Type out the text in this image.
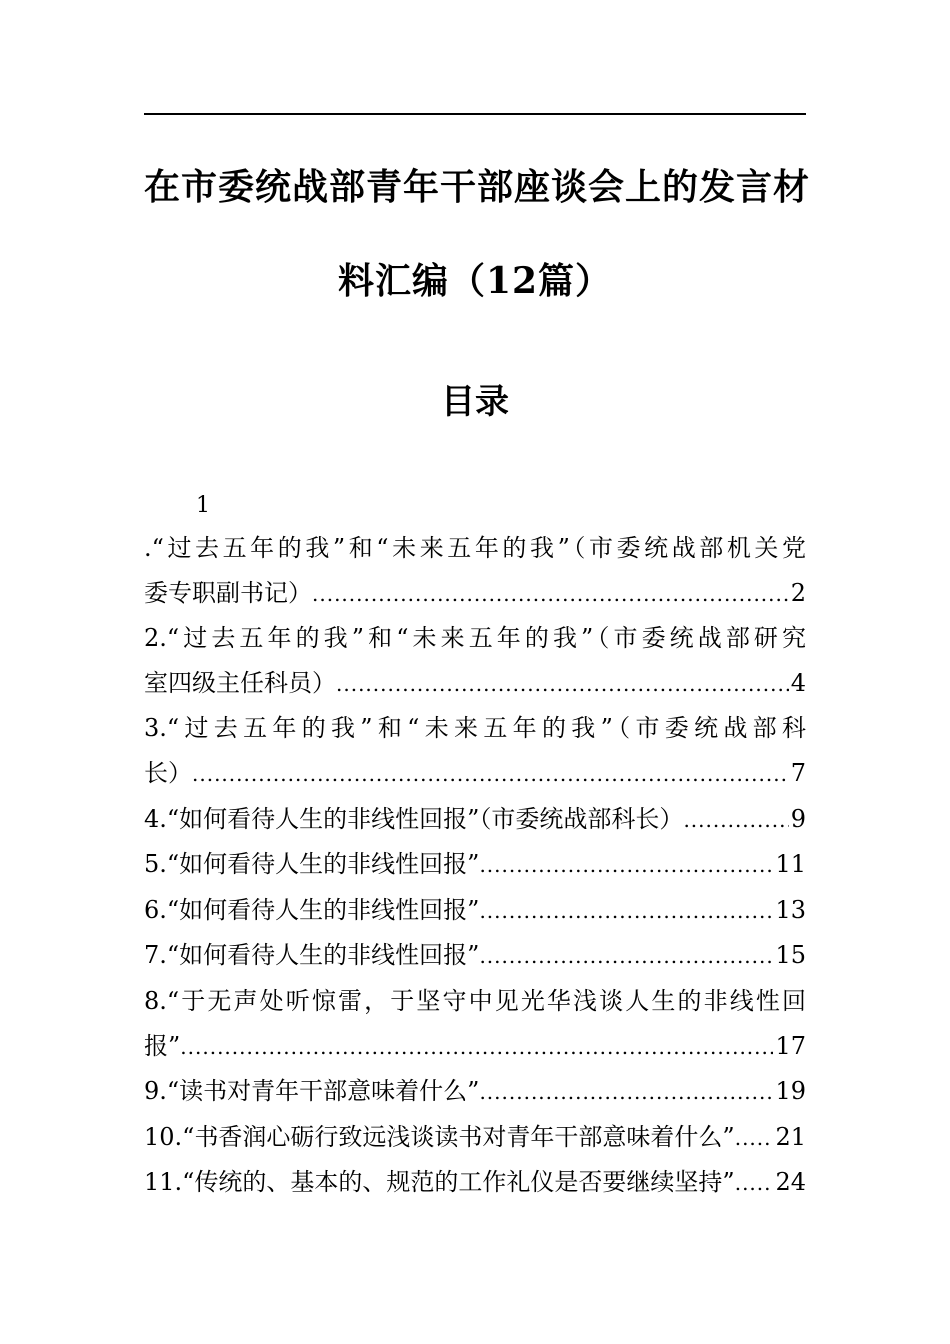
在市委统战部青年干部座谈会上的发言材
料汇编（12篇）
目录
1
.“过去五年的我”和“未来五年的我”（市委统战部机关党
委专职副书记） .....	2
2.“过去五年的我”和“未来五年的我”（市委统战部研究
室四级主任科员） .....	4
3.“过去五年的我”和“未来五年的我”（市委统战部科
长） .....	7
4.“如何看待人生的非线性回报”（市委统战部科长） .....	9
5.“如何看待人生的非线性回报” .....	11
6.“如何看待人生的非线性回报” .....	13
7.“如何看待人生的非线性回报” .....	15
8.“于无声处听惊雷，于坚守中见光华浅谈人生的非线性回
报” .....	17
9.“读书对青年干部意味着什么” .....	19
10.“书香润心砺行致远浅谈读书对青年干部意味着什么” ..... 21
11.“传统的、基本的、规范的工作礼仪是否要继续坚持” ..... 24
